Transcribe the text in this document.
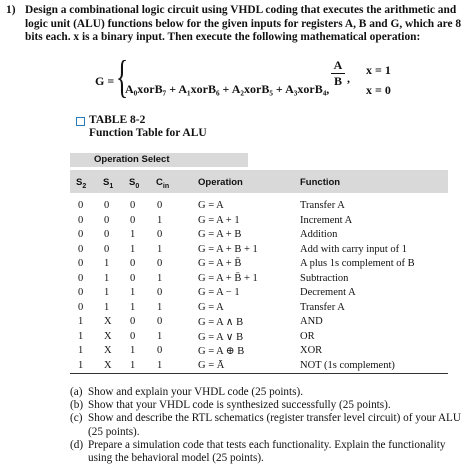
1) Design a combinational logic circuit using VHDL coding that executes the arithmetic and logic unit (ALU) functions below for the given inputs for registers A, B and G, which are 8 bits each. x is a binary input. Then execute the following mathematical operation:
G = {	A
B ,
x = 1
A₀xorB₇ + A₁xorB₆ + A₂xorB₅ + A₃xorB₄,	x = 0
TABLE 8-2
Function Table for ALU
Operation Select
$S_2$ $S_1$ $S_0$ $C_{in}$	Operation	Function
0 0 0 0	G = A	Transfer A
0 0 0 1	G = A + 1	Increment A
0 0 1 0	G = A + B	Addition
0 0 1 1	G = A + B + 1	Add with carry input of 1
0 1 0 0	G = A + B̄	A plus 1s complement of B
0 1 0 1	G = A + B̄ + 1	Subtraction
0 1 1 0	G = A − 1	Decrement A
0 1 1 1	G = A	Transfer A
1 X 0 0	G = A ∧ B	AND
1 X 0 1	G = A ∨ B	OR
1 X 1 0	G = A ⊕ B	XOR
1 X 1 1	G = Ā	NOT (1s complement)
(a) Show and explain your VHDL code (25 points).
(b) Show that your VHDL code is synthesized successfully (25 points).
(c) Show and describe the RTL schematics (register transfer level circuit) of your ALU (25 points).
(d) Prepare a simulation code that tests each functionality. Explain the functionality using the behavioral model (25 points).
